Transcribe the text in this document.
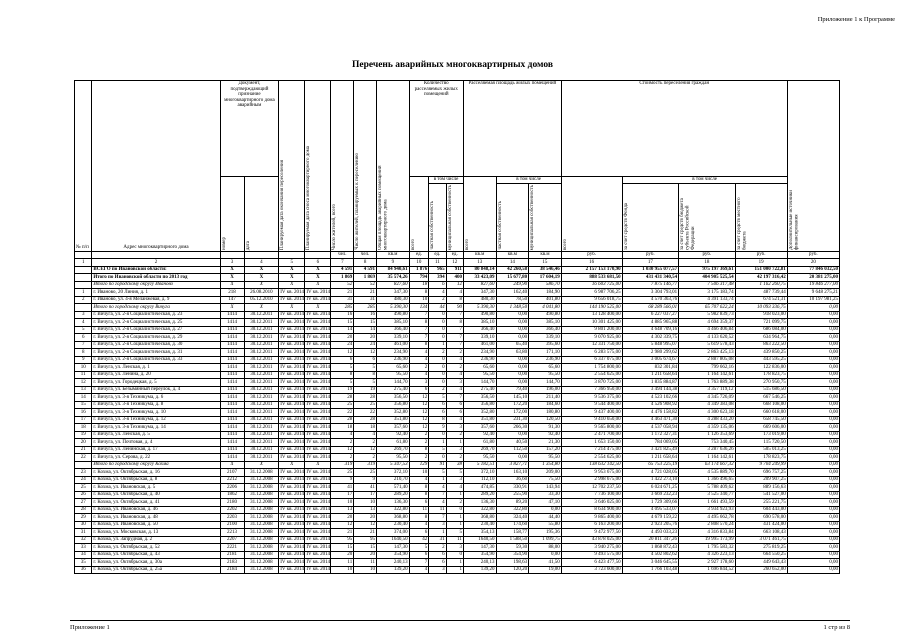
Приложение 1 к Программе
Перечень аварийных многоквартирных домов
№ п/п	Адрес многоквартирного дома	Документ, подтверждающий признание многоквартирного дома аварийным		Планируемая дата окончания переселения	Планируемая дата сноса многоквартирного дома	Число жителей, всего	Число жителей, планируемых к переселению	Общая площадь аварийных помещений многоквартирного дома	Количество расселяемых жилых помещений			Расселяемая площадь жилых помещений			Стоимость переселения граждан				Дополнительные источники финансирования

		номер	дата						всего	в том числе		всего	в том числе		всего	в том числе			

										частная собственность	муниципальная собственность		частная собственность	муниципальная собственность		за счет средств Фонда	за счет средств бюджета субъекта Российской Федерации	за счет средств местного бюджета	

						чел.	чел.	кв.м	ед.	ед.	ед.	кв.м	кв.м	кв.м	руб.	руб.	руб.	руб.	руб.
1	2	3	4	5	6	7	8	9	10	11	12	13	14	15	16	17	18	19	20
	ВСЕГО по Ивановской области:	Х	Х	Х	Х	4 591	4 591	84 940,61	1 876	965	911	80 848,14	42 260,58	38 546,46	2 157 153 170,90	1 030 955 077,57	975 197 369,61	151 000 722,81	77 846 032,50
	Итого по Ивановской области по 2013 год	Х	Х	Х	Х	1 869	1 869	35 574,26	794	394	400	33 423,09	15 677,80	17 604,19	888 533 681,50	431 431 340,54	404 905 525,54	42 197 316,42	20 381 275,00
	Итого по городскому округу Иваново	Х	Х	Х	Х	52	52	827,60	18	6	12	827,60	249,90	586,70	16 603 725,00	7 875 146,77	7 506 317,48	1 162 260,75	19 846 277,00
1	г. Иваново, 20 Линия, д. 1	218	26.08.2010	IV кв. 2014	IV кв. 2014	21	21	347,30	8	4	4	347,30	162,40	184,90	6 987 706,25	3 304 793,01	3 175 183,74	487 739,44	9 648 275,21
2	г. Иваново, ул. 4-я Меланжевая, д. 9	147	05.12.2010	IV кв. 2014	IV кв. 2014	31	31	480,30	10	2	8	480,30	78,50	401,80	9 656 018,75	4 570 363,76	4 391 133,74	674 521,31	10 197 981,25
	Итого по городскому округу Вичуга	Х	Х	Х	Х	285	285	5 390,30	134	44	90	5 390,30	1 348,50	4 041,80	144 190 525,00	68 289 566,01	65 707 622,24	10 093 336,75	0,00
3	г. Вичуга, ул. 2-я Социалистическая, д. 23	1414	30.12.2011	IV кв. 2014	IV кв. 2014	16	16	490,80	7	0	7	490,80	0,00	490,80	13 128 400,00	6 227 037,27	5 982 839,73	918 023,00	0,00
4	г. Вичуга, ул. 2-я Социалистическая, д. 25	1414	30.12.2011	IV кв. 2014	IV кв. 2014	15	15	385,10	8	0	8	385,10	0,00	385,10	10 301 425,00	4 885 965,88	4 694 359,37	721 099,75	0,00
5	г. Вичуга, ул. 2-я Социалистическая, д. 27	1414	30.12.2011	IV кв. 2014	IV кв. 2014	14	14	366,40	7	0	7	366,40	0,00	366,40	9 801 200,00	4 648 709,16	4 466 406,84	686 084,00	0,00
6	г. Вичуга, ул. 2-я Социалистическая, д. 29	1414	30.12.2011	IV кв. 2014	IV кв. 2014	20	20	339,10	7	0	7	339,10	0,00	339,10	9 070 925,00	4 302 339,75	4 133 620,52	634 964,75	0,00
7	г. Вичуга, ул. 2-я Социалистическая, д. 30	1414	30.12.2011	IV кв. 2014	IV кв. 2014	24	24	461,00	8	1	7	461,00	65,40	395,60	12 331 750,00	5 848 995,07	5 619 578,43	863 222,50	0,00
8	г. Вичуга, ул. 2-я Социалистическая, д. 31	1414	30.12.2011	IV кв. 2014	IV кв. 2014	12	12	234,90	4	2	2	234,90	63,80	171,10	6 283 575,00	2 980 299,62	2 863 425,13	439 850,25	0,00
9	г. Вичуга, ул. 2-я Социалистическая, д. 33	1414	30.12.2011	IV кв. 2014	IV кв. 2014	6	6	236,90	4	0	4	236,90	0,00	236,90	6 337 075,00	3 005 674,67	2 887 805,08	443 595,25	0,00
10	г. Вичуга, ул. Ленская, д. 1	1414	30.12.2011	IV кв. 2014	IV кв. 2014	5	5	65,60	2	0	2	65,60	0,00	65,60	1 754 800,00	832 301,84	799 662,16	122 836,00	0,00
11	г. Вичуга, ул. Ленина, д. 20	1414	30.12.2011	IV кв. 2014	IV кв. 2014	8	8	95,50	4	0	4	95,50	0,00	95,50	2 554 625,00	1 211 658,64	1 164 142,61	178 823,75	0,00
12	г. Вичуга, ул. Городецкая, д. 5	1414	30.12.2011	IV кв. 2014	IV кв. 2014	5	5	144,70	3	0	3	144,70	0,00	144,70	3 870 725,00	1 835 884,87	1 763 889,38	270 950,75	0,00
13	г. Вичуга, ул. Безымянный переулок, д. 4	1414	30.12.2011	IV кв. 2014	IV кв. 2014	19	19	275,40	6	2	4	275,40	79,40	196,00	7 366 950,00	3 494 144,38	3 357 119,12	515 686,50	0,00
14	г. Вичуга, ул. 3-я Техникума, д. 6	1414	30.12.2011	IV кв. 2014	IV кв. 2014	28	28	356,50	12	5	7	356,50	145,10	211,40	9 536 375,00	4 523 102,66	4 345 726,09	667 546,25	0,00
15	г. Вичуга, ул. 3-я Техникума, д. 8	1414	30.12.2011	IV кв. 2014	IV кв. 2014	25	25	356,80	12	6	6	356,80	172,20	184,60	9 544 400,00	4 526 908,92	4 349 383,08	668 108,00	0,00
16	г. Вичуга, ул. 3-я Техникума, д. 10	1414	30.12.2011	IV кв. 2014	IV кв. 2014	22	22	352,80	12	6	6	352,80	172,00	180,80	9 437 400,00	4 476 158,82	4 300 623,18	660 618,00	0,00
17	г. Вичуга, ул. 3-я Техникума, д. 12	1414	30.12.2011	IV кв. 2014	IV кв. 2014	28	28	351,80	12	8	4	351,80	231,30	120,50	9 410 650,00	4 463 471,30	4 288 433,20	658 745,50	0,00
18	г. Вичуга, ул. 3-я Техникума, д. 14	1414	30.12.2011	IV кв. 2014	IV кв. 2014	18	18	357,60	12	9	3	357,60	266,30	91,30	9 565 800,00	4 537 058,94	4 359 135,06	669 606,00	0,00
19	г. Вичуга, ул. Ленская, д. 5	1414	30.12.2011	IV кв. 2014	IV кв. 2014	4	4	92,40	2	0	2	92,40	0,00	92,40	2 471 700,00	1 172 327,31	1 126 353,69	173 019,00	0,00
20	г. Вичуга, ул. Почтовая, д. 4	1414	30.12.2011	IV кв. 2014	IV кв. 2014	2	2	61,80	2	1	1	61,80	40,50	21,30	1 653 150,00	784 069,05	753 340,45	115 720,50	0,00
21	г. Вичуга, ул. Ленинская, д. 17	1414	30.12.2011	IV кв. 2014	IV кв. 2014	12	12	269,70	8	5	3	269,70	112,50	157,20	7 214 475,00	3 421 825,49	3 287 636,26	505 013,25	0,00
22	г. Вичуга, ул. Серова, д. 22	1414	30.12.2011	IV кв. 2014	IV кв. 2014	2	2	95,50	2	0	2	95,50	0,00	95,50	2 554 625,00	1 211 658,64	1 164 142,61	178 823,75	0,00
	Итого по городскому округу Кохма	Х	Х	Х	Х	319	319	5 347,53	129	91	38	5 182,51	3 827,71	1 354,80	138 632 142,50	65 753 225,19	63 174 667,32	9 704 249,99	0,00
23	г. Кохма, ул. Октябрьская, д. 16	2107	31.12.2008	IV кв. 2014	IV кв. 2014	25	25	372,10	10	5	5	372,10	163,10	209,00	9 953 675,00	4 721 028,05	4 535 889,70	696 757,25	0,00
24	г. Кохма, ул. Октябрьская, д. 8	2212	31.12.2008	IV кв. 2014	IV кв. 2014	9	9	210,70	4	1	3	112,10	36,60	75,50	2 998 675,00	1 422 273,10	1 366 496,65	209 907,25	0,00
25	г. Кохма, ул. Ивановская, д. 5	2206	31.12.2008	IV кв. 2014	IV кв. 2014	41	41	571,40	8	4	4	474,85	330,91	143,94	12 702 237,50	6 024 671,25	5 788 409,62	889 156,63	0,00
26	г. Кохма, ул. Октябрьская, д. 40	1862	31.12.2008	IV кв. 2014	IV кв. 2014	17	17	289,20	8	7	1	289,20	255,90	33,30	7 736 100,00	3 669 232,23	3 525 340,77	541 527,00	0,00
27	г. Кохма, ул. Октябрьская, д. 41	2180	31.12.2008	IV кв. 2014	IV кв. 2014	10	10	136,30	6	4	2	136,30	89,20	47,10	3 646 025,00	1 729 309,66	1 661 493,59	255 221,75	0,00
28	г. Кохма, ул. Ивановская, д. 46	2202	31.12.2008	IV кв. 2014	IV кв. 2014	13	13	322,80	11	11	0	322,80	322,80	0,00	8 634 900,00	4 095 533,07	3 934 923,93	604 443,00	0,00
29	г. Кохма, ул. Ивановская, д. 48	2203	31.12.2008	IV кв. 2014	IV кв. 2014	20	20	368,80	8	7	1	368,80	324,40	44,40	9 865 400,00	4 679 159,22	4 495 662,78	690 578,00	0,00
30	г. Кохма, ул. Ивановская, д. 50	2100	31.12.2008	IV кв. 2014	IV кв. 2014	12	12	230,40	4	3	1	230,40	174,60	55,80	6 163 200,00	2 923 205,76	2 808 570,24	431 424,00	0,00
31	г. Кохма, ул. Московская, д. 13	2213	31.12.2008	IV кв. 2014	IV кв. 2014	21	21	374,00	6	1	5	354,13	158,77	195,36	9 472 977,50	4 493 033,23	4 316 833,84	663 108,43	0,00
32	г. Кохма, ул. Запрудная, д. 2	2207	31.12.2008	IV кв. 2014	IV кв. 2014	95	95	1640,50	42	31	11	1640,50	1 588,50	1 099,75	43 878 025,00	20 811 347,26	19 995 173,99	3 071 461,75	0,00
33	г. Кохма, ул. Октябрьская, д. 52	2221	31.12.2008	IV кв. 2014	IV кв. 2014	15	15	147,30	5	2	3	147,30	59,30	88,00	3 940 275,00	1 868 872,43	1 795 583,32	275 819,25	0,00
34	г. Кохма, ул. Октябрьская, д. 43	2181	31.12.2008	IV кв. 2014	IV кв. 2014	20	20	354,90	6	6	0	354,90	354,90	0,00	9 493 575,00	4 502 802,62	4 326 223,13	664 550,25	0,00
35	г. Кохма, ул. Октябрьская, д. 30а	2183	31.12.2008	IV кв. 2014	IV кв. 2014	11	11	240,13	7	6	1	240,13	198,63	41,50	6 423 477,50	3 046 645,55	2 927 178,60	449 643,43	0,00
36	г. Кохма, ул. Октябрьская, д. 25а	2184	31.12.2008	IV кв. 2014	IV кв. 2014	10	10	139,20	4	3	1	139,20	120,20	19,00	3 723 600,00	1 766 103,48	1 696 844,52	260 652,00	0,00
Приложение 1	1 стр из 8
